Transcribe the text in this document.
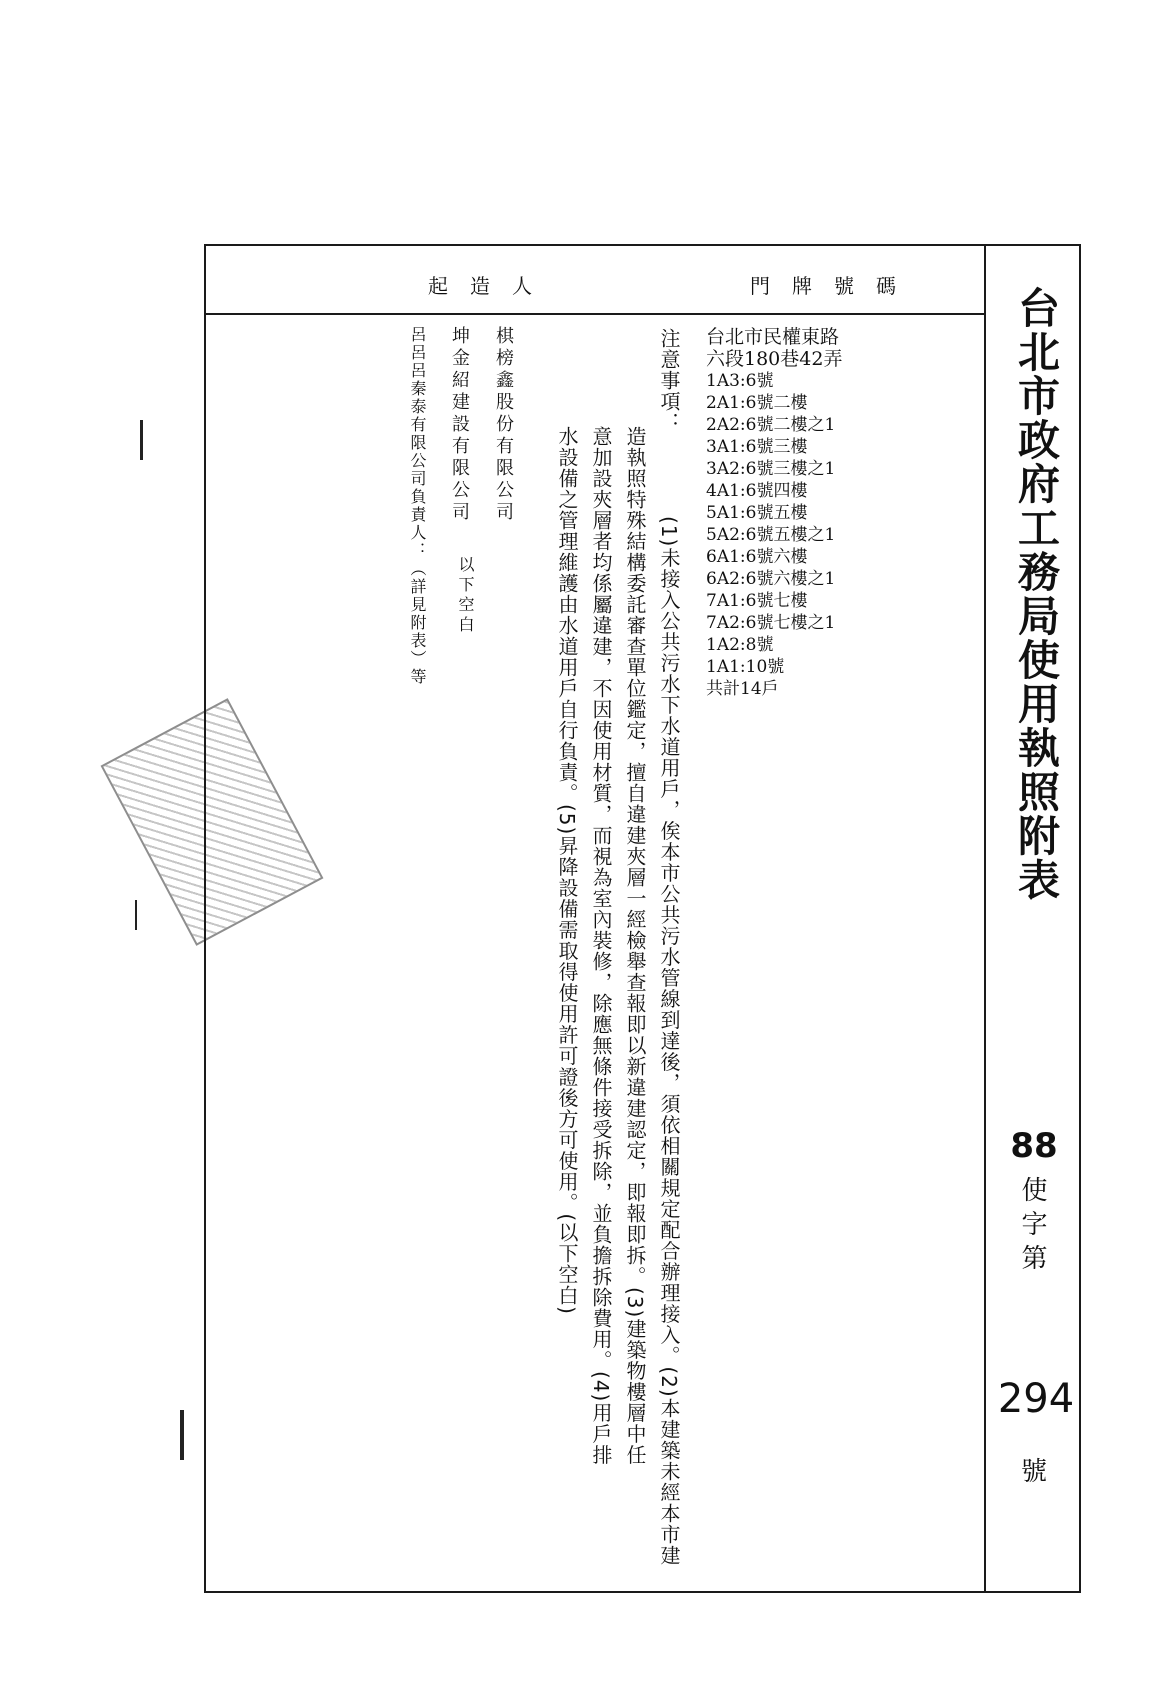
起造人	門牌號碼 台北市政府工務局使用執照附表
88
使字第
294
號
台北市民權東路
六段180巷42弄
1A3:6號
2A1:6號二樓
2A2:6號二樓之1
3A1:6號三樓
3A2:6號三樓之1
4A1:6號四樓
5A1:6號五樓
5A2:6號五樓之1
6A1:6號六樓
6A2:6號六樓之1
7A1:6號七樓
7A2:6號七樓之1
1A2:8號
1A1:10號
共計14戶
注意事項：
(1)未接入公共污水下水道用戶，俟本市公共污水管線到達後，須依相關規定配合辦理接入。(2)本建築未經本市建
造執照特殊結構委託審查單位鑑定，擅自違建夾層一經檢舉查報即以新違建認定，即報即拆。(3)建築物樓層中任
意加設夾層者均係屬違建，不因使用材質，而視為室內裝修，除應無條件接受拆除，並負擔拆除費用。(4)用戶排
水設備之管理維護由水道用戶自行負責。(5)昇降設備需取得使用許可證後方可使用。(以下空白)
棋榜鑫股份有限公司
坤金紹建設有限公司
呂呂呂秦泰有限公司負責人：（詳見附表）等	以下空白
